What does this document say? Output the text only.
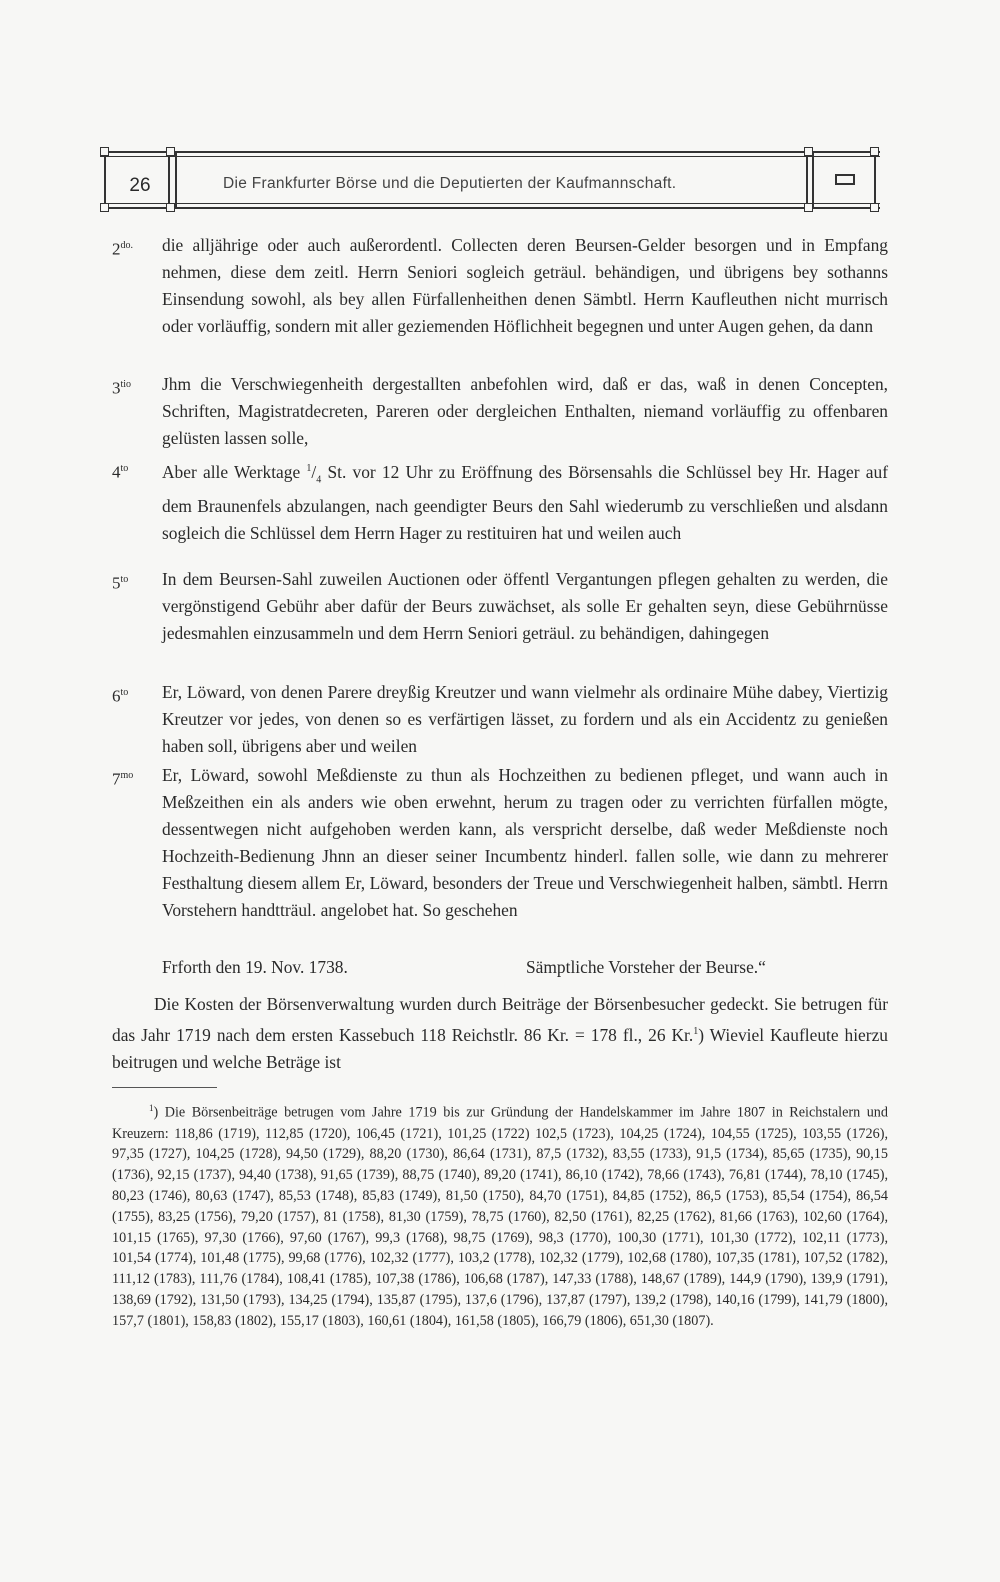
26	Die Frankfurter Börse und die Deputierten der Kaufmannschaft.
$2^{do.}$ die alljährige oder auch außerordentl. Collecten deren Beursen-Gelder besorgen und in Empfang nehmen, diese dem zeitl. Herrn Seniori sogleich geträul. behändigen, und übrigens bey sothanns Einsendung sowohl, als bey allen Fürfallenheithen denen Sämbtl. Herrn Kaufleuthen nicht murrisch oder vorläuffig, sondern mit aller geziemenden Höflichheit begegnen und unter Augen gehen, da dann
$3^{tio}$ Jhm die Verschwiegenheith dergestallten anbefohlen wird, daß er das, waß in denen Concepten, Schriften, Magistratdecreten, Pareren oder dergleichen Enthalten, niemand vorläuffig zu offenbaren gelüsten lassen solle,
$4^{to}$ Aber alle Werktage $^1/_4$ St. vor 12 Uhr zu Eröffnung des Börsensahls die Schlüssel bey Hr. Hager auf dem Braunenfels abzulangen, nach geendigter Beurs den Sahl wiederumb zu verschließen und alsdann sogleich die Schlüssel dem Herrn Hager zu restituiren hat und weilen auch
$5^{to}$ In dem Beursen-Sahl zuweilen Auctionen oder öffentl Vergantungen pflegen gehalten zu werden, die vergönstigend Gebühr aber dafür der Beurs zuwächset, als solle Er gehalten seyn, diese Gebührnüsse jedesmahlen einzusammeln und dem Herrn Seniori geträul. zu behändigen, dahingegen
$6^{to}$ Er, Löward, von denen Parere dreyßig Kreutzer und wann vielmehr als ordinaire Mühe dabey, Viertizig Kreutzer vor jedes, von denen so es verfärtigen lässet, zu fordern und als ein Accidentz zu genießen haben soll, übrigens aber und weilen
$7^{mo}$ Er, Löward, sowohl Meßdienste zu thun als Hochzeithen zu bedienen pfleget, und wann auch in Meßzeithen ein als anders wie oben erwehnt, herum zu tragen oder zu verrichten fürfallen mögte, dessentwegen nicht aufgehoben werden kann, als verspricht derselbe, daß weder Meßdienste noch Hochzeith-Bedienung Jhnn an dieser seiner Incumbentz hinderl. fallen solle, wie dann zu mehrerer Festhaltung diesem allem Er, Löward, besonders der Treue und Verschwiegenheit halben, sämbtl. Herrn Vorstehern handtträul. angelobet hat. So geschehen
Frforth den 19. Nov. 1738.	Sämptliche Vorsteher der Beurse.“
Die Kosten der Börsenverwaltung wurden durch Beiträge der Börsenbesucher gedeckt. Sie betrugen für das Jahr 1719 nach dem ersten Kassebuch 118 Reichstlr. 86 Kr. = 178 fl., 26 Kr.$^1$) Wieviel Kaufleute hierzu beitrugen und welche Beträge ist
$^1$) Die Börsenbeiträge betrugen vom Jahre 1719 bis zur Gründung der Handelskammer im Jahre 1807 in Reichstalern und Kreuzern: 118,86 (1719), 112,85 (1720), 106,45 (1721), 101,25 (1722) 102,5 (1723), 104,25 (1724), 104,55 (1725), 103,55 (1726), 97,35 (1727), 104,25 (1728), 94,50 (1729), 88,20 (1730), 86,64 (1731), 87,5 (1732), 83,55 (1733), 91,5 (1734), 85,65 (1735), 90,15 (1736), 92,15 (1737), 94,40 (1738), 91,65 (1739), 88,75 (1740), 89,20 (1741), 86,10 (1742), 78,66 (1743), 76,81 (1744), 78,10 (1745), 80,23 (1746), 80,63 (1747), 85,53 (1748), 85,83 (1749), 81,50 (1750), 84,70 (1751), 84,85 (1752), 86,5 (1753), 85,54 (1754), 86,54 (1755), 83,25 (1756), 79,20 (1757), 81 (1758), 81,30 (1759), 78,75 (1760), 82,50 (1761), 82,25 (1762), 81,66 (1763), 102,60 (1764), 101,15 (1765), 97,30 (1766), 97,60 (1767), 99,3 (1768), 98,75 (1769), 98,3 (1770), 100,30 (1771), 101,30 (1772), 102,11 (1773), 101,54 (1774), 101,48 (1775), 99,68 (1776), 102,32 (1777), 103,2 (1778), 102,32 (1779), 102,68 (1780), 107,35 (1781), 107,52 (1782), 111,12 (1783), 111,76 (1784), 108,41 (1785), 107,38 (1786), 106,68 (1787), 147,33 (1788), 148,67 (1789), 144,9 (1790), 139,9 (1791), 138,69 (1792), 131,50 (1793), 134,25 (1794), 135,87 (1795), 137,6 (1796), 137,87 (1797), 139,2 (1798), 140,16 (1799), 141,79 (1800), 157,7 (1801), 158,83 (1802), 155,17 (1803), 160,61 (1804), 161,58 (1805), 166,79 (1806), 651,30 (1807).
